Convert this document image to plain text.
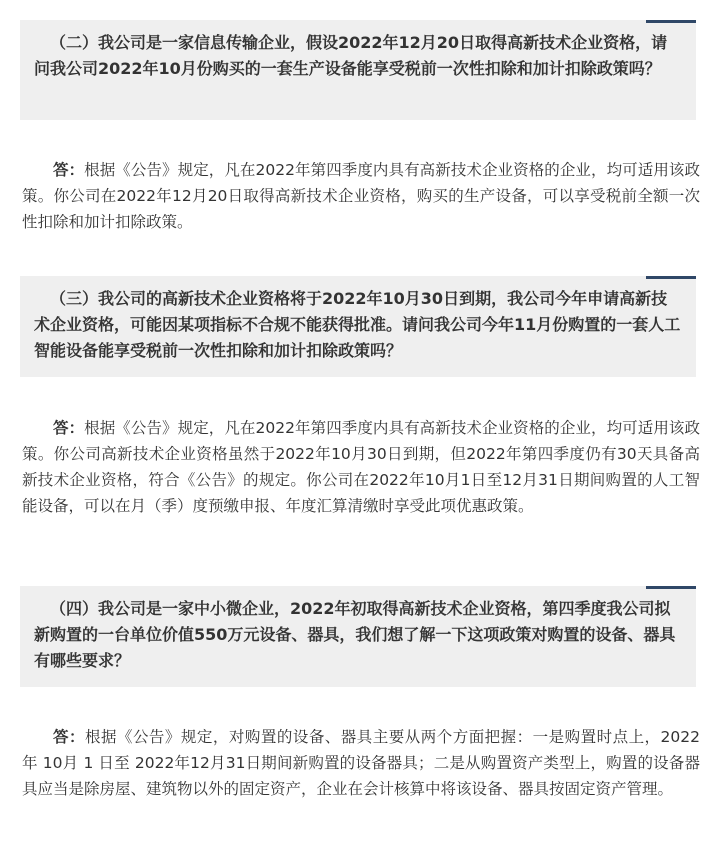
（二）我公司是一家信息传输企业，假设2022年12月20日取得高新技术企业资格，请问我公司2022年10月份购买的一套生产设备能享受税前一次性扣除和加计扣除政策吗？

答：根据《公告》规定，凡在2022年第四季度内具有高新技术企业资格的企业，均可适用该政策。你公司在2022年12月20日取得高新技术企业资格，购买的生产设备，可以享受税前全额一次性扣除和加计扣除政策。

（三）我公司的高新技术企业资格将于2022年10月30日到期，我公司今年申请高新技术企业资格，可能因某项指标不合规不能获得批准。请问我公司今年11月份购置的一套人工智能设备能享受税前一次性扣除和加计扣除政策吗？

答：根据《公告》规定，凡在2022年第四季度内具有高新技术企业资格的企业，均可适用该政策。你公司高新技术企业资格虽然于2022年10月30日到期，但2022年第四季度仍有30天具备高新技术企业资格，符合《公告》的规定。你公司在2022年10月1日至12月31日期间购置的人工智能设备，可以在月（季）度预缴申报、年度汇算清缴时享受此项优惠政策。

（四）我公司是一家中小微企业，2022年初取得高新技术企业资格，第四季度我公司拟新购置的一台单位价值550万元设备、器具，我们想了解一下这项政策对购置的设备、器具有哪些要求？

答：根据《公告》规定，对购置的设备、器具主要从两个方面把握：一是购置时点上，2022 年 10月 1 日至 2022年12月31日期间新购置的设备器具；二是从购置资产类型上，购置的设备器具应当是除房屋、建筑物以外的固定资产，企业在会计核算中将该设备、器具按固定资产管理。
